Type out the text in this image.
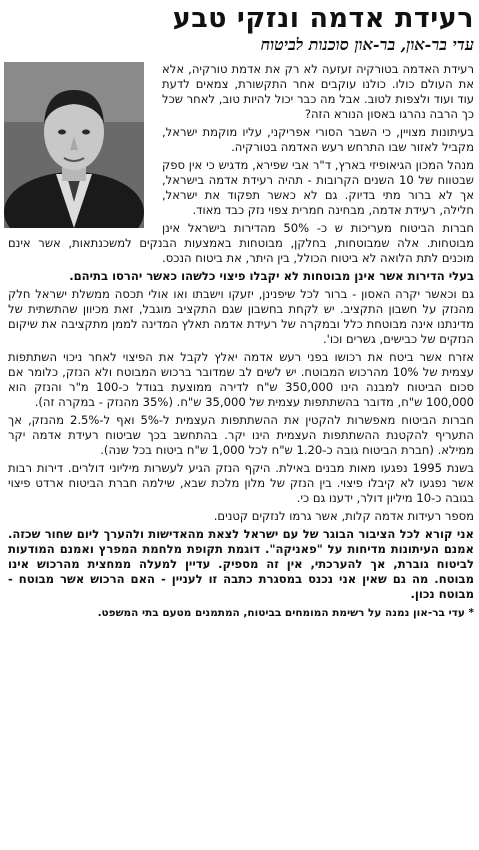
רעידת אדמה ונזקי טבע
עדי בר-און, בר-און סוכנות לביטוח

רעידת האדמה בטורקיה זעזעה לא רק את אדמת טורקיה, אלא את העולם כולו. כולנו עוקבים אחר התקשורת, צמאים לדעת עוד ועוד ולצפות לטוב. אבל מה כבר יכול להיות טוב, לאחר שכל כך הרבה נהרגו באסון הנורא הזה?

בעיתונות מצויין, כי השבר הסורי אפריקני, עליו מוקמת ישראל, מקביל לאזור שבו התרחש רעש האדמה בטורקיה.

מנהל המכון הגיאופיזי בארץ, ד"ר אבי שפירא, מדגיש כי אין ספק שבטווח של 10 השנים הקרובות - תהיה רעידת אדמה בישראל, אך לא ברור מתי בדיוק. גם לא כאשר תפקוד את ישראל, חלילה, רעידת אדמה, מבחינה חמרית צפוי נזק כבד מאוד.

חברות הביטוח מעריכות ש כ- 50% מהדירות בישראל אינן מבוטחות. אלה שמבוטחות, בחלקן, מבוטחות באמצעות הבנקים למשכנתאות, אשר אינם מוכנים לתת הלואה לא ביטוח הכולל, בין היתר, את ביטוח הנכס.

בעלי הדירות אשר אינן מבוטחות לא יקבלו פיצוי כלשהו כאשר יהרסו בתיהם.

גם וכאשר יקרה האסון - ברור לכל שיפנינן, יזעקו וישבתו ואו אולי תכסה ממשלת ישראל חלק מהנזק על חשבון התקציב. יש לקחת בחשבון שגם התקציב מוגבל, זאת מכיוון שהתשתית של מדינתנו אינה מבוטחת כלל ובמקרה של רעידת אדמה תאלץ המדינה לממן מתקציבה את שיקום הנזקים של כבישים, גשרים וכו'.

אזרח אשר ביטח את רכושו בפני רעש אדמה יאלץ לקבל את הפיצוי לאחר ניכוי השתתפות עצמית של 10% מהרכוש המבוטח. יש לשים לב שמדובר ברכוש המבוטח ולא הנזק, כלומר אם סכום הביטוח למבנה הינו 350,000 ש"ח לדירה ממוצעת בגודל כ-100 מ"ר והנזק הוא 100,000 ש"ח, מדובר בהשתתפות עצמית של 35,000 ש"ח. (35% מהנזק - במקרה זה).

חברות הביטוח מאפשרות להקטין את ההשתתפות העצמית ל-5% ואף ל-2.5% מהנזק, אך התעריף להקטנת ההשתתפות העצמית הינו יקר. בהתחשב בכך שביטוח רעידת אדמה יקר ממילא. (חברת הביטוח גובה כ-1.20 ש"ח לכל 1,000 ש"ח ביטוח בכל שנה).

בשנת 1995 נפגעו מאות מבנים באילת. היקף הנזק הגיע לעשרות מיליוני דולרים. דירות רבות אשר נפגעו לא קיבלו פיצוי. בין הנזק של מלון מלכת שבא, שילמה חברת הביטוח ארדט פיצוי בגובה כ-10 מיליון דולר, ידענו גם כי.

מספר רעידות אדמה קלות, אשר גרמו לנזקים קטנים.

אני קורא לכל הציבור הבוגר של עם ישראל לצאת מהאדישות ולהערך ליום שחור שכזה. אמנם העיתונות מדיחות על "פאניקה". דוגמת תקופת מלחמת המפרץ ואמנם המודעות לביטוח גוברת, אך להערכתי, אין זה מספיק. עדיין למעלה ממחצית מהרכוש אינו מבוטח. מה גם שאין אני נכנס במסגרת כתבה זו לעניין - האם הרכוש אשר מבוטח - מבוטח נכון.

* עדי בר-און נמנה על רשימת המומחים בביטוח, המתמנים מטעם בתי המשפט.
